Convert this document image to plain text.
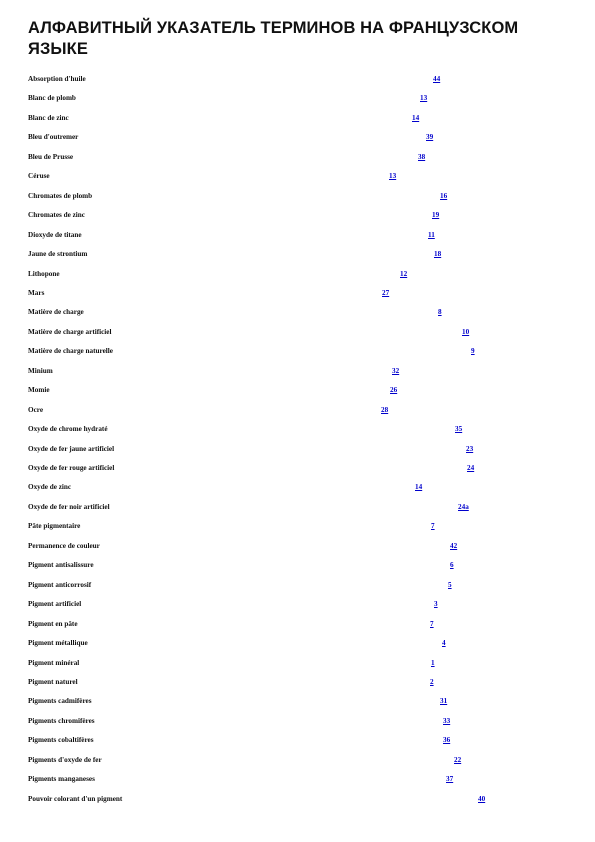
АЛФАВИТНЫЙ УКАЗАТЕЛЬ ТЕРМИНОВ НА ФРАНЦУЗСКОМ ЯЗЫКЕ
Absorption d'huile	44
Blanc de plomb	13
Blanc de zinc	14
Bleu d'outremer	39
Bleu de Prusse	38
Céruse	13
Chromates de plomb	16
Chromates de zinc	19
Dioxyde de titane	11
Jaune de strontium	18
Lithopone	12
Mars	27
Matière de charge	8
Matière de charge artificiel	10
Matière de charge naturelle	9
Minium	32
Momie	26
Ocre	28
Oxyde de chrome hydraté	35
Oxyde de fer jaune artificiel	23
Oxyde de fer rouge artificiel	24
Oxyde de zinc	14
Oxyde de fer noir artificiel	24a
Pâte pigmentaire	7
Permanence de couleur	42
Pigment antisalissure	6
Pigment anticorrosif	5
Pigment artificiel	3
Pigment en pâte	7
Pigment métallique	4
Pigment minéral	1
Pigment naturel	2
Pigments cadmifères	31
Pigments chromifères	33
Pigments cobaltifères	36
Pigments d'oxyde de fer	22
Pigments manganeses	37
Pouvoir colorant d'un pigment	40
